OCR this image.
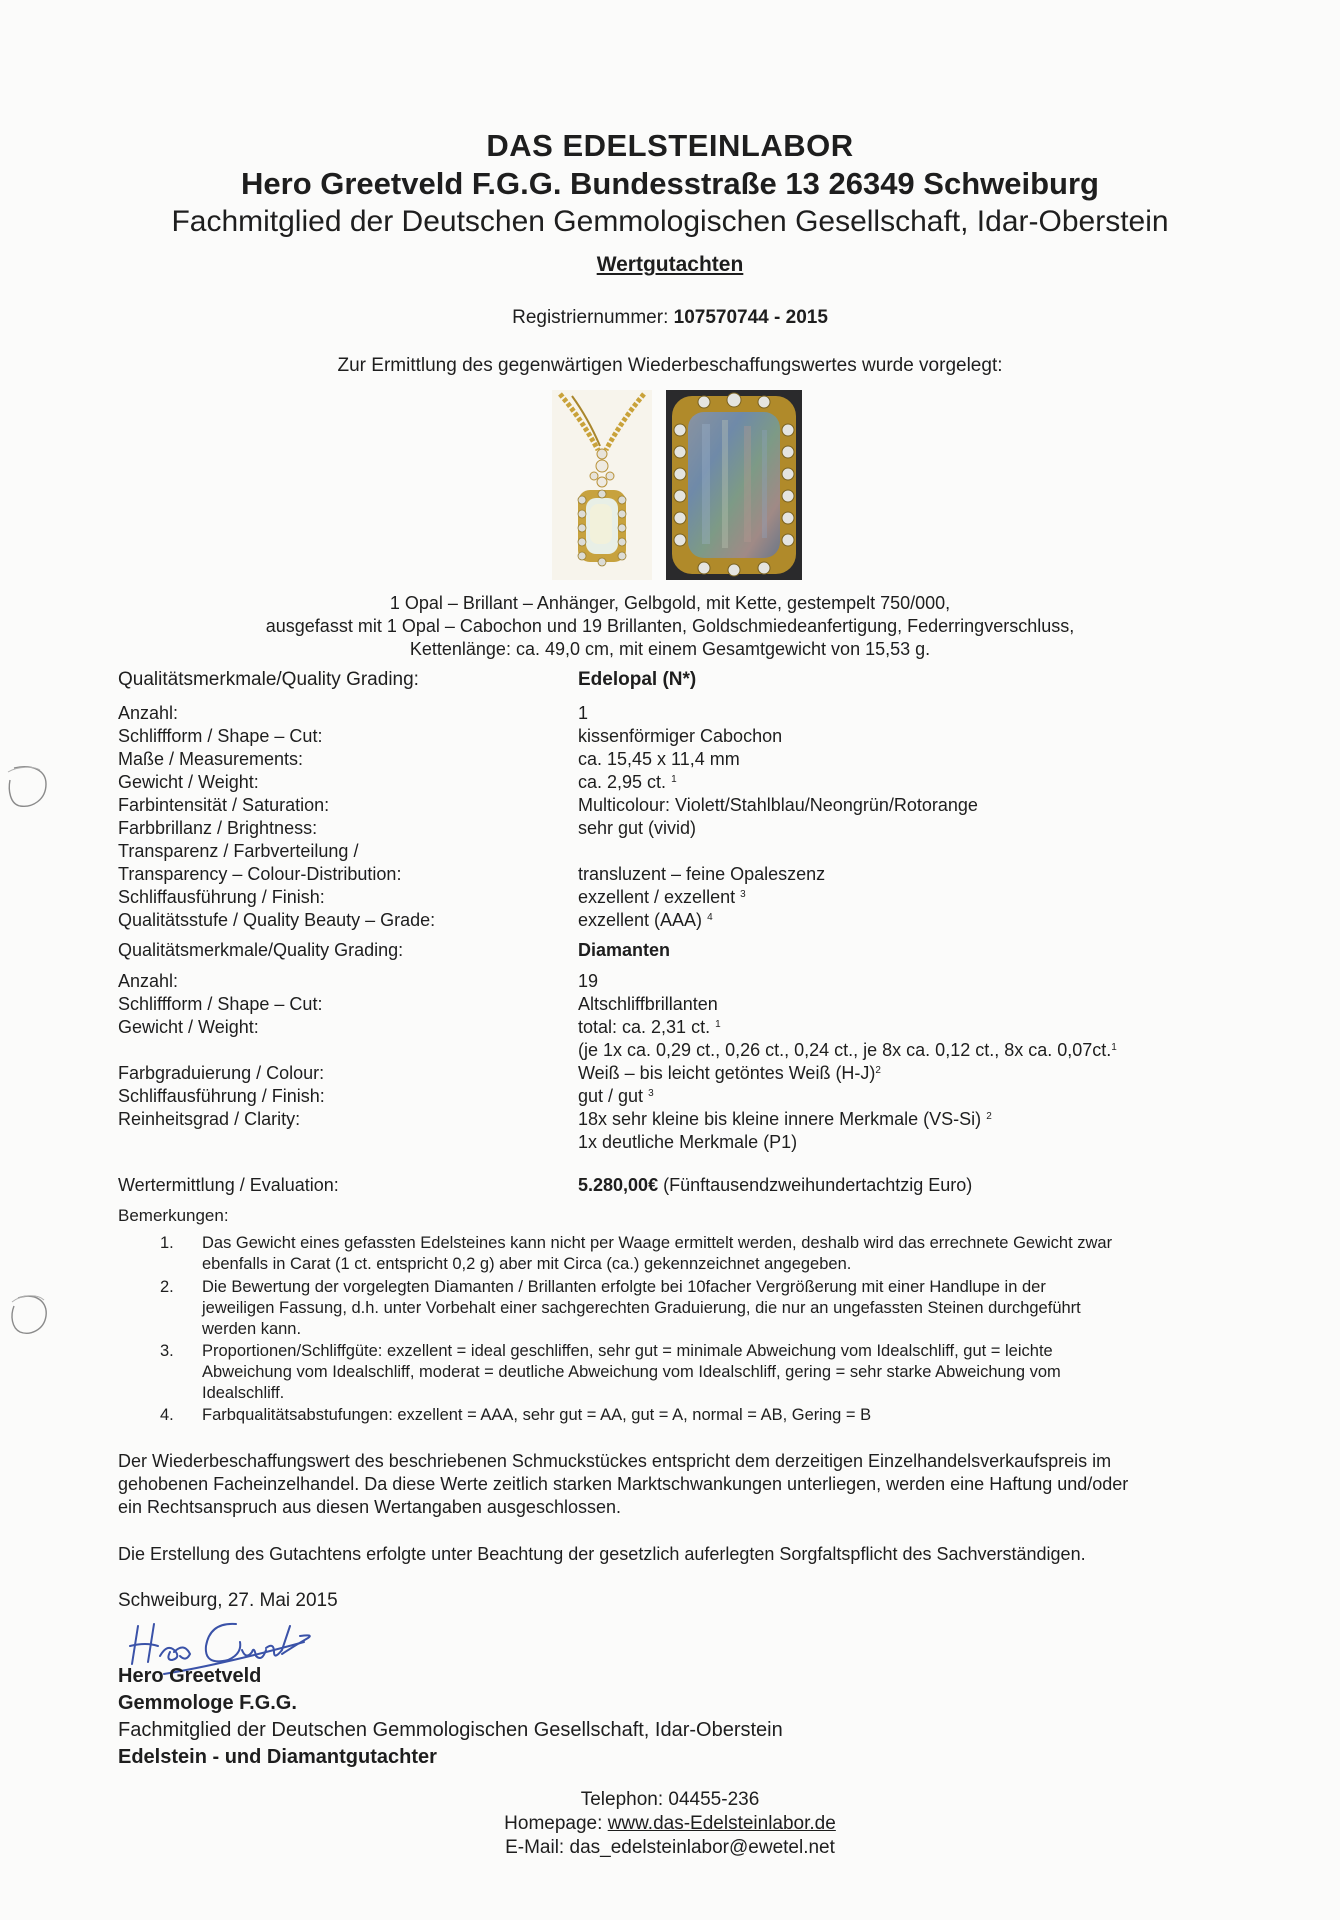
DAS EDELSTEINLABOR
Hero Greetveld F.G.G. Bundesstraße 13 26349 Schweiburg
Fachmitglied der Deutschen Gemmologischen Gesellschaft, Idar-Oberstein
Wertgutachten
Registriernummer: 107570744 - 2015
Zur Ermittlung des gegenwärtigen Wiederbeschaffungswertes wurde vorgelegt:
1 Opal – Brillant – Anhänger, Gelbgold, mit Kette, gestempelt 750/000,
ausgefasst mit 1 Opal – Cabochon und 19 Brillanten, Goldschmiedeanfertigung, Federringverschluss,
Kettenlänge: ca. 49,0 cm, mit einem Gesamtgewicht von 15,53 g.
Qualitätsmerkmale/Quality Grading:	Edelopal (N*)
Anzahl:	1
Schliffform / Shape – Cut:	kissenförmiger Cabochon
Maße / Measurements:	ca. 15,45 x 11,4 mm
Gewicht / Weight:	ca. 2,95 ct. $^1$
Farbintensität / Saturation:	Multicolour: Violett/Stahlblau/Neongrün/Rotorange
Farbbrillanz / Brightness:	sehr gut (vivid)
Transparenz / Farbverteilung /
Transparency – Colour-Distribution:	transluzent – feine Opaleszenz
Schliffausführung / Finish:	exzellent / exzellent $^3$
Qualitätsstufe / Quality Beauty – Grade:	exzellent (AAA) $^4$
Qualitätsmerkmale/Quality Grading:	Diamanten
Anzahl:	19
Schliffform / Shape – Cut:	Altschliffbrillanten
Gewicht / Weight:	total: ca. 2,31 ct. $^1$
(je 1x ca. 0,29 ct., 0,26 ct., 0,24 ct., je 8x ca. 0,12 ct., 8x ca. 0,07ct.$^1$
Farbgraduierung / Colour:	Weiß – bis leicht getöntes Weiß $(H-J)^2$
Schliffausführung / Finish:	gut / gut $^3$
Reinheitsgrad / Clarity:	18x sehr kleine bis kleine innere Merkmale (VS-Si) $^2$
1x deutliche Merkmale (P1)
Wertermittlung / Evaluation:	5.280,00€ (Fünftausendzweihundertachtzig Euro)
Bemerkungen:
1. Das Gewicht eines gefassten Edelsteines kann nicht per Waage ermittelt werden, deshalb wird das errechnete Gewicht zwar
ebenfalls in Carat (1 ct. entspricht 0,2 g) aber mit Circa (ca.) gekennzeichnet angegeben.
2. Die Bewertung der vorgelegten Diamanten / Brillanten erfolgte bei 10facher Vergrößerung mit einer Handlupe in der
jeweiligen Fassung, d.h. unter Vorbehalt einer sachgerechten Graduierung, die nur an ungefassten Steinen durchgeführt
werden kann.
3. Proportionen/Schliffgüte: exzellent = ideal geschliffen, sehr gut = minimale Abweichung vom Idealschliff, gut = leichte
Abweichung vom Idealschliff, moderat = deutliche Abweichung vom Idealschliff, gering = sehr starke Abweichung vom
Idealschliff.
4. Farbqualitätsabstufungen: exzellent = AAA, sehr gut = AA, gut = A, normal = AB, Gering = B
Der Wiederbeschaffungswert des beschriebenen Schmuckstückes entspricht dem derzeitigen Einzelhandelsverkaufspreis im
gehobenen Facheinzelhandel. Da diese Werte zeitlich starken Marktschwankungen unterliegen, werden eine Haftung und/oder
ein Rechtsanspruch aus diesen Wertangaben ausgeschlossen.
Die Erstellung des Gutachtens erfolgte unter Beachtung der gesetzlich auferlegten Sorgfaltspflicht des Sachverständigen.
Schweiburg, 27. Mai 2015
Hero Greetveld
Gemmologe F.G.G.
Fachmitglied der Deutschen Gemmologischen Gesellschaft, Idar-Oberstein
Edelstein - und Diamantgutachter
Telephon: 04455-236
Homepage: www.das-Edelsteinlabor.de
E-Mail: das_edelsteinlabor@ewetel.net
